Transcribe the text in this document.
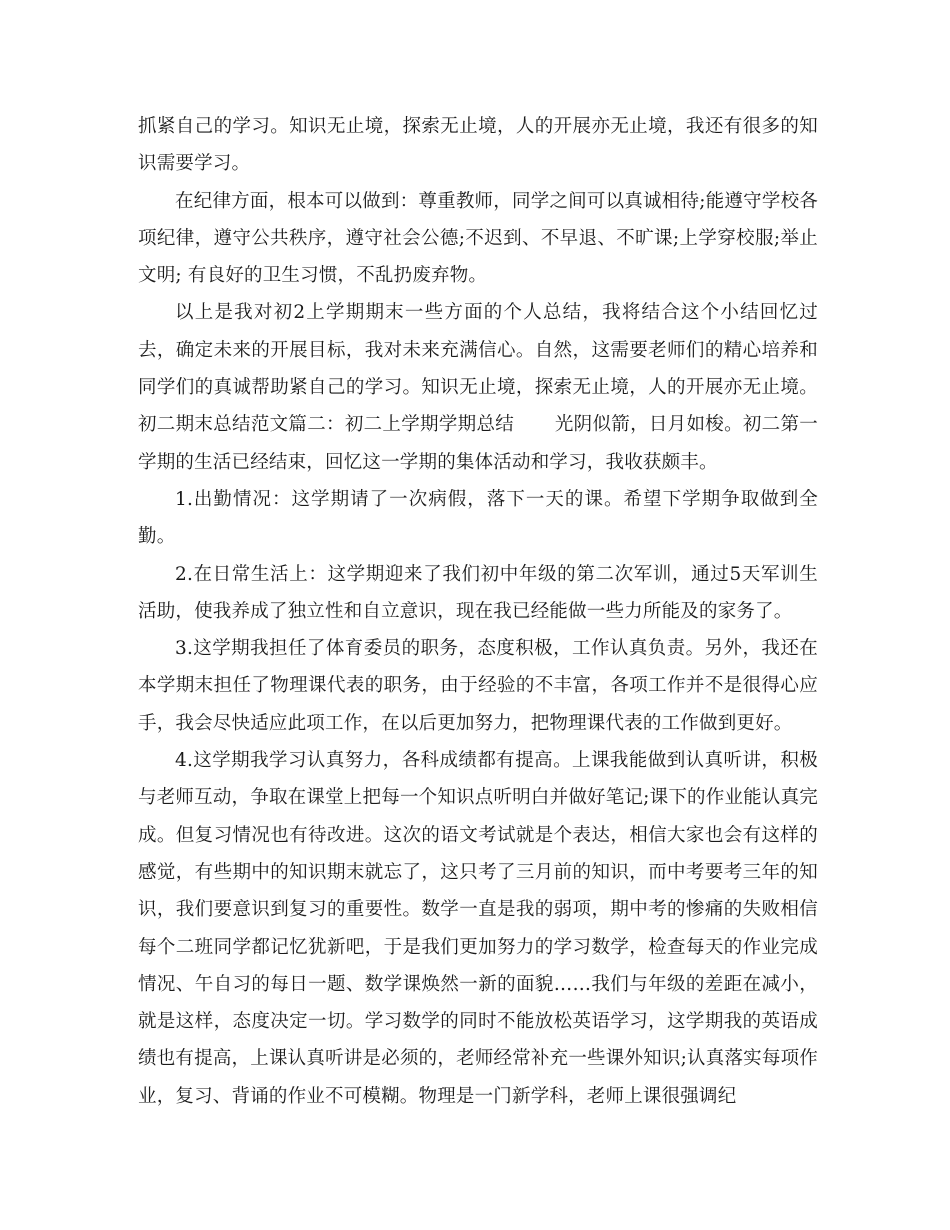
抓紧自己的学习。知识无止境，探索无止境，人的开展亦无止境，我还有很多的知识需要学习。

在纪律方面，根本可以做到：尊重教师，同学之间可以真诚相待;能遵守学校各项纪律，遵守公共秩序，遵守社会公德;不迟到、不早退、不旷课;上学穿校服;举止文明; 有良好的卫生习惯，不乱扔废弃物。

以上是我对初2上学期期末一些方面的个人总结，我将结合这个小结回忆过去，确定未来的开展目标，我对未来充满信心。自然，这需要老师们的精心培养和同学们的真诚帮助紧自己的学习。知识无止境，探索无止境，人的开展亦无止境。初二期末总结范文篇二：初二上学期学期总结 光阴似箭，日月如梭。初二第一学期的生活已经结束，回忆这一学期的集体活动和学习，我收获颇丰。

1.出勤情况：这学期请了一次病假，落下一天的课。希望下学期争取做到全勤。

2.在日常生活上：这学期迎来了我们初中年级的第二次军训，通过5天军训生活助，使我养成了独立性和自立意识，现在我已经能做一些力所能及的家务了。

3.这学期我担任了体育委员的职务，态度积极，工作认真负责。另外，我还在本学期末担任了物理课代表的职务，由于经验的不丰富，各项工作并不是很得心应手，我会尽快适应此项工作，在以后更加努力，把物理课代表的工作做到更好。

4.这学期我学习认真努力，各科成绩都有提高。上课我能做到认真听讲，积极与老师互动，争取在课堂上把每一个知识点听明白并做好笔记;课下的作业能认真完成。但复习情况也有待改进。这次的语文考试就是个表达，相信大家也会有这样的感觉，有些期中的知识期末就忘了，这只考了三月前的知识，而中考要考三年的知识，我们要意识到复习的重要性。数学一直是我的弱项，期中考的惨痛的失败相信每个二班同学都记忆犹新吧，于是我们更加努力的学习数学，检查每天的作业完成情况、午自习的每日一题、数学课焕然一新的面貌……我们与年级的差距在减小，就是这样，态度决定一切。学习数学的同时不能放松英语学习，这学期我的英语成绩也有提高，上课认真听讲是必须的，老师经常补充一些课外知识;认真落实每项作业，复习、背诵的作业不可模糊。物理是一门新学科，老师上课很强调纪
